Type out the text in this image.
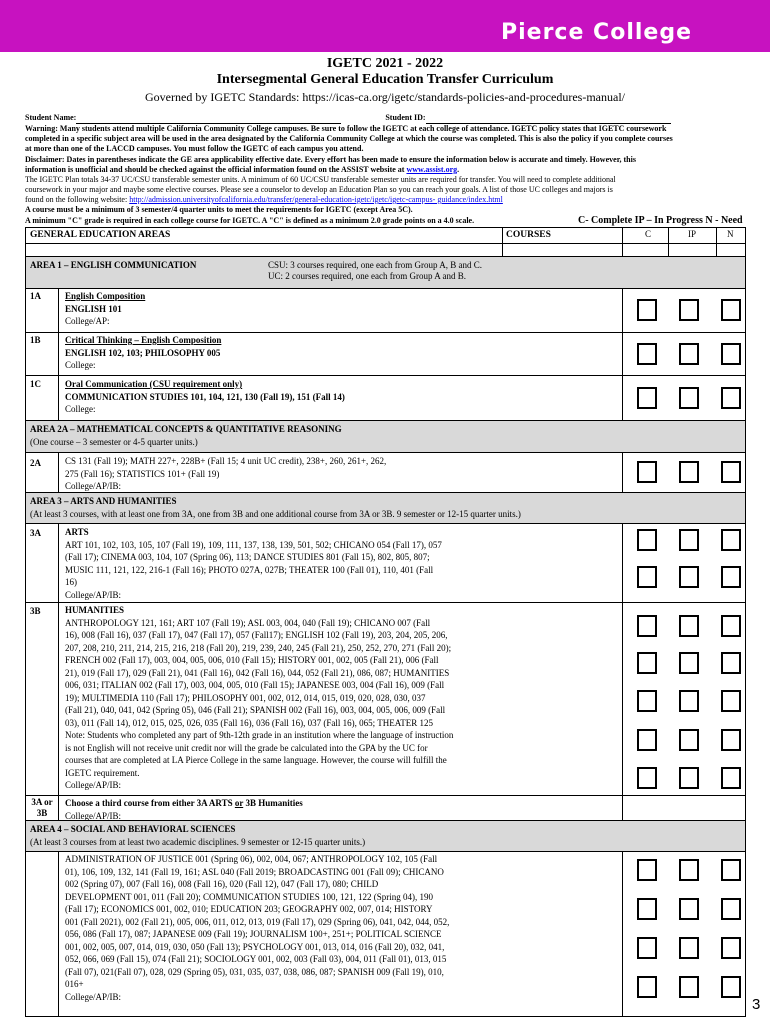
Pierce College
IGETC 2021 - 2022
Intersegmental General Education Transfer Curriculum
Governed by IGETC Standards: https://icas-ca.org/igetc/standards-policies-and-procedures-manual/
Student Name:	Student ID:
Warning: Many students attend multiple California Community College campuses. Be sure to follow the IGETC at each college of attendance. IGETC policy states that IGETC coursework
completed in a specific subject area will be used in the area designated by the California Community College at which the course was completed. This is also the policy if you complete courses
at more than one of the LACCD campuses. You must follow the IGETC of each campus you attend.
Disclaimer: Dates in parentheses indicate the GE area applicability effective date. Every effort has been made to ensure the information below is accurate and timely. However, this
information is unofficial and should be checked against the official information found on the ASSIST website at www.assist.org.
The IGETC Plan totals 34-37 UC/CSU transferable semester units. A minimum of 60 UC/CSU transferable semester units are required for transfer. You will need to complete additional
coursework in your major and maybe some elective courses. Please see a counselor to develop an Education Plan so you can reach your goals. A list of those UC colleges and majors is
found on the following website: http://admission.universityofcalifornia.edu/transfer/general-education-igetc/igetc/igetc-campus- guidance/index.html
A course must be a minimum of 3 semester/4 quarter units to meet the requirements for IGETC (except Area 5C).
A minimum "C" grade is required in each college course for IGETC. A "C" is defined as a minimum 2.0 grade points on a 4.0 scale.	C- Complete IP – In Progress N - Need
GENERAL EDUCATION AREAS	COURSES	C	IP	N
AREA 1 – ENGLISH COMMUNICATION	CSU: 3 courses required, one each from Group A, B and C.
UC: 2 courses required, one each from Group A and B.
1A	English Composition
ENGLISH 101
College/AP:
1B	Critical Thinking – English Composition
ENGLISH 102, 103; PHILOSOPHY 005
College:
1C	Oral Communication (CSU requirement only)
COMMUNICATION STUDIES 101, 104, 121, 130 (Fall 19), 151 (Fall 14)
College:
AREA 2A – MATHEMATICAL CONCEPTS & QUANTITATIVE REASONING
(One course – 3 semester or 4-5 quarter units.)
2A	CS 131 (Fall 19); MATH 227+, 228B+ (Fall 15; 4 unit UC credit), 238+, 260, 261+, 262,
275 (Fall 16); STATISTICS 101+ (Fall 19)
College/AP/IB:
AREA 3 – ARTS AND HUMANITIES
(At least 3 courses, with at least one from 3A, one from 3B and one additional course from 3A or 3B. 9 semester or 12-15 quarter units.)
3A	ARTS
ART 101, 102, 103, 105, 107 (Fall 19), 109, 111, 137, 138, 139, 501, 502; CHICANO 054 (Fall 17), 057
(Fall 17); CINEMA 003, 104, 107 (Spring 06), 113; DANCE STUDIES 801 (Fall 15), 802, 805, 807;
MUSIC 111, 121, 122, 216-1 (Fall 16); PHOTO 027A, 027B; THEATER 100 (Fall 01), 110, 401 (Fall
16)
College/AP/IB:
3B	HUMANITIES
ANTHROPOLOGY 121, 161; ART 107 (Fall 19); ASL 003, 004, 040 (Fall 19); CHICANO 007 (Fall
16), 008 (Fall 16), 037 (Fall 17), 047 (Fall 17), 057 (Fall17); ENGLISH 102 (Fall 19), 203, 204, 205, 206,
207, 208, 210, 211, 214, 215, 216, 218 (Fall 20), 219, 239, 240, 245 (Fall 21), 250, 252, 270, 271 (Fall 20);
FRENCH 002 (Fall 17), 003, 004, 005, 006, 010 (Fall 15); HISTORY 001, 002, 005 (Fall 21), 006 (Fall
21), 019 (Fall 17), 029 (Fall 21), 041 (Fall 16), 042 (Fall 16), 044, 052 (Fall 21), 086, 087; HUMANITIES
006, 031; ITALIAN 002 (Fall 17), 003, 004, 005, 010 (Fall 15); JAPANESE 003, 004 (Fall 16), 009 (Fall
19); MULTIMEDIA 110 (Fall 17); PHILOSOPHY 001, 002, 012, 014, 015, 019, 020, 028, 030, 037
(Fall 21), 040, 041, 042 (Spring 05), 046 (Fall 21); SPANISH 002 (Fall 16), 003, 004, 005, 006, 009 (Fall
03), 011 (Fall 14), 012, 015, 025, 026, 035 (Fall 16), 036 (Fall 16), 037 (Fall 16), 065; THEATER 125
Note: Students who completed any part of 9th-12th grade in an institution where the language of instruction
is not English will not receive unit credit nor will the grade be calculated into the GPA by the UC for
courses that are completed at LA Pierce College in the same language. However, the course will fulfill the
IGETC requirement.
College/AP/IB:
3A or
3B
Choose a third course from either 3A ARTS or 3B Humanities
College/AP/IB:
AREA 4 – SOCIAL AND BEHAVIORAL SCIENCES
(At least 3 courses from at least two academic disciplines. 9 semester or 12-15 quarter units.)
ADMINISTRATION OF JUSTICE 001 (Spring 06), 002, 004, 067; ANTHROPOLOGY 102, 105 (Fall
01), 106, 109, 132, 141 (Fall 19, 161; ASL 040 (Fall 2019; BROADCASTING 001 (Fall 09); CHICANO
002 (Spring 07), 007 (Fall 16), 008 (Fall 16), 020 (Fall 12), 047 (Fall 17), 080; CHILD
DEVELOPMENT 001, 011 (Fall 20); COMMUNICATION STUDIES 100, 121, 122 (Spring 04), 190
(Fall 17); ECONOMICS 001, 002, 010; EDUCATION 203; GEOGRAPHY 002, 007, 014; HISTORY
001 (Fall 2021), 002 (Fall 21), 005, 006, 011, 012, 013, 019 (Fall 17), 029 (Spring 06), 041, 042, 044, 052,
056, 086 (Fall 17), 087; JAPANESE 009 (Fall 19); JOURNALISM 100+, 251+; POLITICAL SCIENCE
001, 002, 005, 007, 014, 019, 030, 050 (Fall 13); PSYCHOLOGY 001, 013, 014, 016 (Fall 20), 032, 041,
052, 066, 069 (Fall 15), 074 (Fall 21); SOCIOLOGY 001, 002, 003 (Fall 03), 004, 011 (Fall 01), 013, 015
(Fall 07), 021(Fall 07), 028, 029 (Spring 05), 031, 035, 037, 038, 086, 087; SPANISH 009 (Fall 19), 010,
016+
College/AP/IB:	3
